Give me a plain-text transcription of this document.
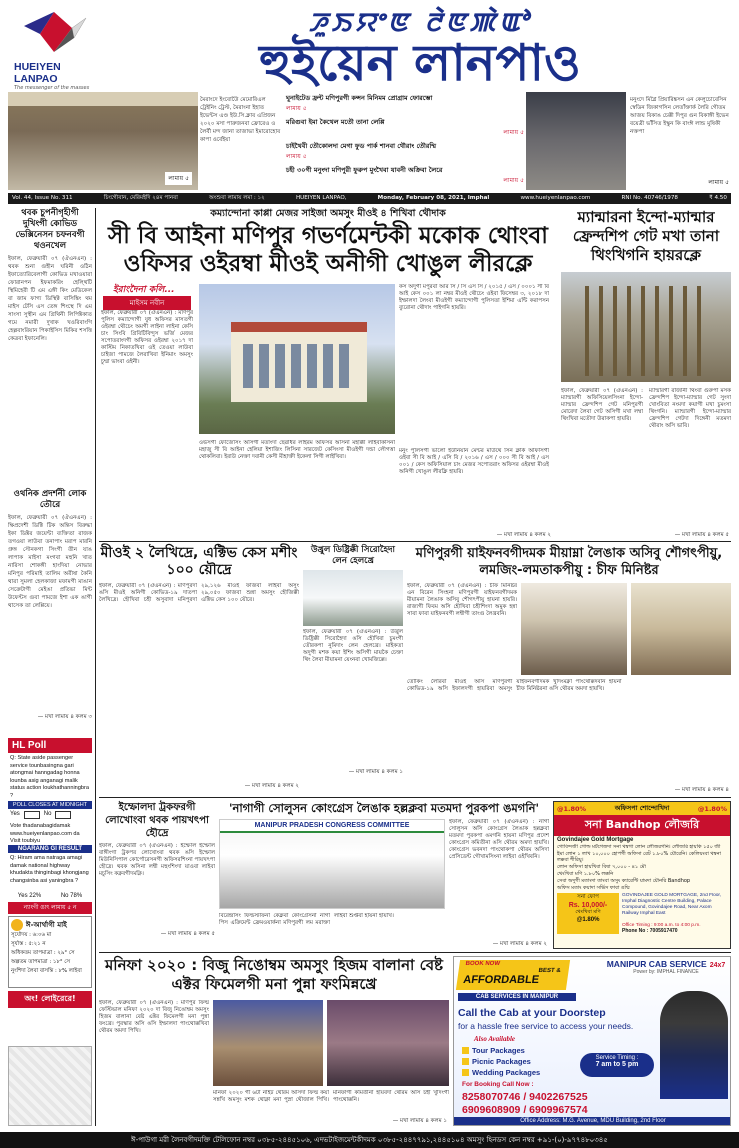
HUEIYEN LANPAO
The messenger of the masses
ꯍꯨꯏꯌꯦꯟ ꯂꯥꯟꯄꯥꯑꯣ
হুইয়েন লানপাও
লামায় ৫
মৈরাংদে ইংবোউৈ মেমোরিএল ট্রেইনিং ট্রেস্ট, মৈরাংনা ইহাত ইভেন্টস এণ্ড ইউ.সি.ক্লাব এপ্রিজন ২০২০ মসা পারুজনবা ফ্রোরেও ও লৈর্বী মন্দ জানা তাজাভা ইমারোহোব কাপা ওর্বেইয়া
ঘুনাইটেড ফ্রন্ট মণিপুরগী কন্সন মিনিমম প্রোগ্রাম ফোরম্ভো
লামায় ৫
মরিগুবা ইমা কৈথেল মতৌ তানা লেপ্পি
লামায় ৫
চাইথৈবী তৌকোলদা মেগা ফুড পার্ক শানবা থৌরাং তৌরম্মি
লামায় ৫
চহী ৩০গী মনুংদা মণিপুরী ফুরুপ মুংখৈবা যাবনী অক্রিবা লৈরে
লামায় ৫
মনুংদে মিগ্লৈ প্রিয়ারিঙ্কসন এন কেলুচোবেসিন স্বেডিন জিকাগসিন লেতাঁক্তার্ক লৈরি গৌতম আজয় বিকাঙ চেক্কী দিপুর গুন বিকাঙ্গী ইভেন বয়েত্রী ভাঁসিত ইস্কুন কি বাংঈ লান্ড মুষিকী নক্তপা
লামায় ৫
Vol. 44, Issue No. 311	চিংগৌবান, মেরিমইদি ২৪ম পানবা	অংশুবা লামায় লমা : ১২	HUEIYEN LANPAO,	Monday, February 08, 2021, Imphal	www.hueiyenlanpao.com	RNI No. 40746/1978	₹ 4.50
থবক চুপনীগৃহীগী দুখিংগী কোভিড ভেক্সিনেসন চফনবগী থওনখেল
ইফাল, ফেব্রুয়ারী ০৭ (ঐএনএন) : থবক শুনা গুহীন ঘরিনী ওঠিন ইফাত্যোরিবেলাগী কোভিড মখাওয়ারা ফোরানপন ইফমাকরিং হেল্থিটি স্থিমিহেরী টি এম এঙ্গী কিং মেডিকেল বা জাম ফাগ্য ডিস্থিক্ট বাসিঙ্কিং থম মাইস টেসি এস তেঙ্গ শিংস্থে দি এম সাংসা সুস্থীন এম গ্রিথিনী লিপিক্টকাত গমে নমারী দুখাক খওরিবাংগি হেল্পবাংরিয়ান পিকাইসিস মিকির শসত্তি কেত্রবা ইফানেলি।
ওথনিক প্রদর্শনী লোক তৌরে
ইফাল, ফেব্রুয়ারী ০৭ (ঐএনএন) : ক্ষিপ্রদেশী ডিক্টি টিক অন্তিস বিরুদ্ধা ইকা ডিক্টর জয়েন্টা ব্যক্তিতা রাজক তগওয়া লাউবা তনাপাং মরাপ মারনি গ্রুঙ্গ সৌনকগা সিংগী তীন যাঙ লাপাক মাইসা মংগবা মহুনি খাত নারিসা শোকঙ্গী হাংদিয়া নোভার মনিপুর পরিমাই তালিম অরীষা কৈনি থারা সুমলা হেলকাজা মফামগী মাঙান সেক্রেটাগী মেইঙা প্রতিভা মিন্ট উফেন্টস গুবা পামজে ইশা এক ঙাগী থাসেক তা লেপ্পিয়ে।
— মখা লামায় ৪ কলম ৩
HL Poll
Q: State aside passenger service tounbasingna gari atongmai hanngadag honna lounba asig anganagi malik status action loukhathanningbra ?
POLL CLOSES AT MIDNIGHT
Yes	No
Vote thadanabagidamak www.hueiyenlanpao.com da Visit toubiyu
NGARANG GI RESULT
Q: Hiram ama natraga amagi damak national highway khudakta thinginbagi khongjang changsinba asi yaningbra ?
Yes 22%	No 78%
ন্যাংগী ঙাৎ লামায় ৫ ন
ঈ-আর্থাগী মাই
সূর্যোদয় : ৬:০৬ মা
সূর্যাস্ত : ৫:২১ ন
অধিকতম তাপমাত্রা : ২৯° সে
অল্পতম তাপমাত্রা : ১৮° সে
নুংশিদা লৈবা বাসন্তি : ৮% লাইবা
অং! লোইরেরে!
কম্যান্দোনা কাপ্পা মেজর সাইজা অমসুং মীওই ৪ শিখিবা থৌদাক
সী বি আইনা মণিপুর গভর্ণমেন্টকী মকোক থোংবা ওফিসর ওইরম্বা মীওই অনীগী খোঙুল লীরক্লে
ইরাংদৈনা কলি...
মাইসম নবীন
ইফাল, ফেব্রুয়ারী ০৭ (ঐএনএন) : মণিপুর পুলিস কম্যান্দোগী যুধ অফিসর মাসতগী ওইরম্বা থৌচেং অমগী লাইনা লাইনা কেসি চাং সিংবি গ্রিবিটিবিন্দুস ভর্জি মেজর সপোতরাংদগী অফিসর ওইরম্বা ২০১৭ দা কাস্টিম নিকাতখিবা ওই তেওয়া লাউবা চাইজা পামজে লৈরাখিবা ইনিমাং অমসুং চুম্মা ভাংবা ওইনী।
ওর্ভসগী ফৌজেসিং অসিগী মতাংদা ছেৱাধর লাইরম অফিসর অসিনা মহাক্কী লাইবাকসিনা মহাজু সী বি আইনা হেলিয়া ইশাজিং লিসিনা সারজেট কেসিংসা মীওইগী দন্ডা লৌগত্তা থোকলিবা। ইরাউ নেক্তা দবানী কেসী মীহাক্তী ইকেলা সিগী লাইখিবা।
কস অদুগী মপুরবা আর সি / সি এস সি / ২০১৫ / এস / ০০০১ সী বি আই কেস ০০১ লা নম্বর মীওই থৌচেং ওইবা ফিসেম্বর ৩, ২০১৮ দা ইম্ফালদা লৈংবা মীওইগী কম্যান্দোগী পুলিসতা ইশিমা এন্টি করাপসন ব্যুরোনা থৌদাং পাইগনি হায়রি।
মনুং পুলিসগী ভালো ইউনিয়ান মেন্টর মাউথে সিন ক্লার্ক অফিসিগী ওইবা সী বি আই / এসি বি / ২০১৬ / এস / ০০০ সী বি আই / এস ০০১ / কেস অফিসিয়াল চাং মেজর সপোতরাং অফিসর ওইরম্বা মীওই অনিগী খোঙুল লীরক্লি হায়রি।
— মখা লামায় ৪ কলম ২
ম্যান্মারনা ইন্দো-ম্যান্মার ফ্রেন্দশিপ গেট মখা তানা থিংখিগনি হায়রক্লে
ইফাল, ফেব্রুয়ারী ০৭ (ঐএনএন) : ম্যান্মারগী অফিসিয়েলসিংনা ইন্দো-ম্যান্মার ফ্রেন্দশিপ গেট মনিপুরগী মোরেদা লৈবা গেট অসিগী মখা লম্বা থিংখিবা মতৌদা উরাকপা হায়রি।
ম্যান্মারগী রাজানী থিংবা গুরুপা মসক ফ্রেন্দশিপ ইন্দো-ম্যান্মার গেট সুংদা খোংবিতা নংমদা কয়াগী মখা চুমংসা থিংগনি। ম্যান্মারগী ইন্দো-ম্যান্মার ফ্রেন্দশিপ গেটদা দিঙ্গেনী মতমদা থৌরাং অসি ভাবি।
— মখা লামায় ৪ কলম ৫
মীওই ২ লৈখিদ্রে, এক্টিভ কেস মশীং ১০০ য়ৌদ্রে
ইফাল, ফেব্রুয়ারী ০৭ (ঐএনএন) : মণিপুরদা ঙসি মীওই অনিগী কোভিড-১৯ দাতপা লৈখিদ্রে। হৌখিবা চহী অসুবাদা মনিপুরদা ২৯,১২৬ মীওই ফাজবা লাইবা অসুং ২৯,০৫০ ফাজবা শুন্না অমসুং হৌজিক্কী এক্টিভ কেস ১০০ য়ৌরে।
— মখা লামায় ৪ কলম ২
উখ্রুল ডিষ্ট্রিক্কী সিরোহৈদা লেন হেলখ্রে
ইফাল, ফেব্রুয়ারী ০৭ (ঐএনএন) : উখ্রুল ডিষ্ট্রিক্কী সিরোহৈদা ঙসি হৌখিবা চুমংগী তৌরকপা নুমিদাং লেন হেলখ্রে। মাইকতা অদুগী মশক কয়া ইশিং অসিগী মায়কৈ চেক্তা থিং লৈবা মীয়ামনা য়েংনবা খোমজিল্লে।
— মখা লামায় ৪ কলম ১
মণিপুরগী য়াইফনবগীদমক মীয়াম্না লৈঙাক অসিবু শৌগৎপীয়ু, লমজিং-লমতাকপীয়ু : চীফ মিনিষ্টর
ইফাল, ফেব্রুয়ারী ০৭ (ঐএনএন) : চীফ মিনিষ্টর এন বিরেন সিংহনা মণিপুরগী য়াইফনবগীদমক মীয়ামনা লৈঙাক অসিবু শৌগৎপীয়ু হায়না হায়রি। রাজ্যগী ফিবম অসি হৌখিবা চহীশিংদা অমুক হন্না সাবা ফাবা য়াইফনবগী লম্বীগী তাংগু লৈখ্রবনি।
তৌকিং লৈরিবা মীওই অসি মণিপুরগী কোভিড-১৯ অসি ইফালদগী হায়রিবা অমসুং য়াইফনবগীদমক খুদিংমক্না পাংথোক্কদবনি হায়না চীফ মিনিষ্টরনা ঙসি থৌরম অমদা হায়খি।
— মখা লামায় ৪ কলম ৪
ইম্ফোলদা ট্রকফরগী লোখোংবা থবক পায়খৎপা হৌদ্রে
ইফাল, ফেব্রুয়ারী ০৭ (ঐএনএন) : ইম্ফোল ইম্ফোল বাঙ্গীংগা ট্রকপর লোখোংবা থবক ঙসি ইম্ফোল মিউনিসিপাল কোর্পোরেসনগী অফিসরশিংনা পায়খৎপা হৌদ্রে। থবক অসিনা লম্বী মহুংশিংদা য়াওবা লাইবা মচুসিং কক্নবগীদমক্নি।
— মখা লামায় ৪ কলম ৫
'নাগাগী সোলুসন কোংগ্রেস লৈঙাক হল্লক্লবা মতমদা পুরকপা ঙমগনি'
MANIPUR PRADESH CONGRESS COMMITTEE	ইফাল, ফেব্রুয়ারী ০৭ (ঐএনএন) : নাগা সোলুসন অসি কোংগ্রেস লৈঙাক হল্লক্লবা মতমদা পুরকপা ঙমগনি হায়না মণিপুর প্রদেশ কোংগ্রেস কমিতীনা ঙসি থৌরম অমদা হায়খি। কোংগ্রেস ভবনদা পাংথোকপা থৌরম অসিদা প্রেসিডেন্ট গৌখামসিংনা লাইবা ওইখিবনি।
বিরেন্দ্রসিং ফিল্ডস্টাফনা কেক্লবা কোংগ্রেসনা নাগা পিস এক্রিমেন্ট ফ্রেমওয়ার্কনা মণিপুরগী লম মরাক্তা লাইবা শুপ্তবা হায়না হায়খি।
— মখা লামায় ৪ কলম ২
@1.80%	অফিসপা শোন্দোখিদা	@1.80%
সনা Bandhop লৌজরি
Govindajee Gold Mortgage
গোবিন্দজী গোল্ড মর্টগেজদা সনা থম্বগা লোন লৌজরগনি। লৌজরি হায়কি ১৫০ জী ইমা লোন ১ লাখ ১০,০০০ হোপগী অফিসা রেট ১.৮০% য়ৌরেনি। কেলিয়ংবা থম্বনা লক্কবা শীরিয়ু।
লোন অফিসা হায়খিবা বিষা ৭,০০০ - ৪১ মৌ
থেংখিবা মণি ১.৮০% লক্কনি
সেবা অদুগী মতাংদা তাংবা অসুং ক্যারেন্টি য়ামদা য়ৌনরি Bandhop
অফিস মতাং কয়াদা সর্ভিস ফাবা ঙম্মি
সনা ফোপ
Rs. 10,000/-
থেংখিবা মণি
@1.80%
GOVINDAJEE GOLD MORTGAGE, 2nd Floor, Imphal Diagnostic Centre Building, Palace Compound, Govindajee Road, Near Axom Railway Imphal East
Office Timing : 9:00 a.m. to 4:00 p.m.
Phone No : 7005917470
মনিফা ২০২০ : বিজু নিঙোম্বম অমসুং হিজম বালানা বেষ্ট এক্টর ফিমেলগী মনা পুন্না ফংমিন্নখ্রে
ইফাল, ফেব্রুয়ারী ০৭ (ঐএনএন) : মণিপুর ফিল্ম ফেস্টিভাল মনিফা ২০২০ দা বিজু নিঙোম্বম অমসুং হিজম বালানা বেষ্ট এক্টর ফিমেলগী মনা পুন্না ফংখ্রে। পুরস্কার অসি ঙসি ইম্ফালদা পাংথোক্কখিবা থৌরম অমদা পিখি।
মনিফা ২০২০ গী ৬টা নাইট থৌরম অসিদা ফিল্ম কয়া সন্নখি অমসুং মশক থোক্না মনা পুস্না থৌজাল পিখি। মনিফাগী কমিতীনা হায়বদা থৌরম অসি চহী খুদিংগী পাংথোক্কনি।
— মখা লামায় ৪ কলম ১
BOOK NOW
BEST &
AFFORDABLE
CAB SERVICES IN MANIPUR
MANIPUR CAB SERVICE 24x7
Power by: IMPHAL FINANCE
Call the Cab at your Doorstep
for a hassle free service to access your needs.
Also Available
Tour Packages
Picnic Packages
Wedding Packages
Service Timing :
7 am to 5 pm
For Booking Call Now :
8258070746 / 9402267525
6909608909 / 6909967574
Office Address: M.G. Avenue, MDU Building, 2nd Floor
ঈ-পাউগা মরী লৈনবগীদমক্তি টেলিফোন নম্বর ০৩৮৫-২৪৪৫১০৬, এদভটাইজমেন্টকীদমক ০৩৮৫-২৪৪৭৭৯১,২৪৪৫১০৪ অমসুং হিনডস কেন নম্বর +৯১-(০)-৯৭৭৪৮০৩৪৫
